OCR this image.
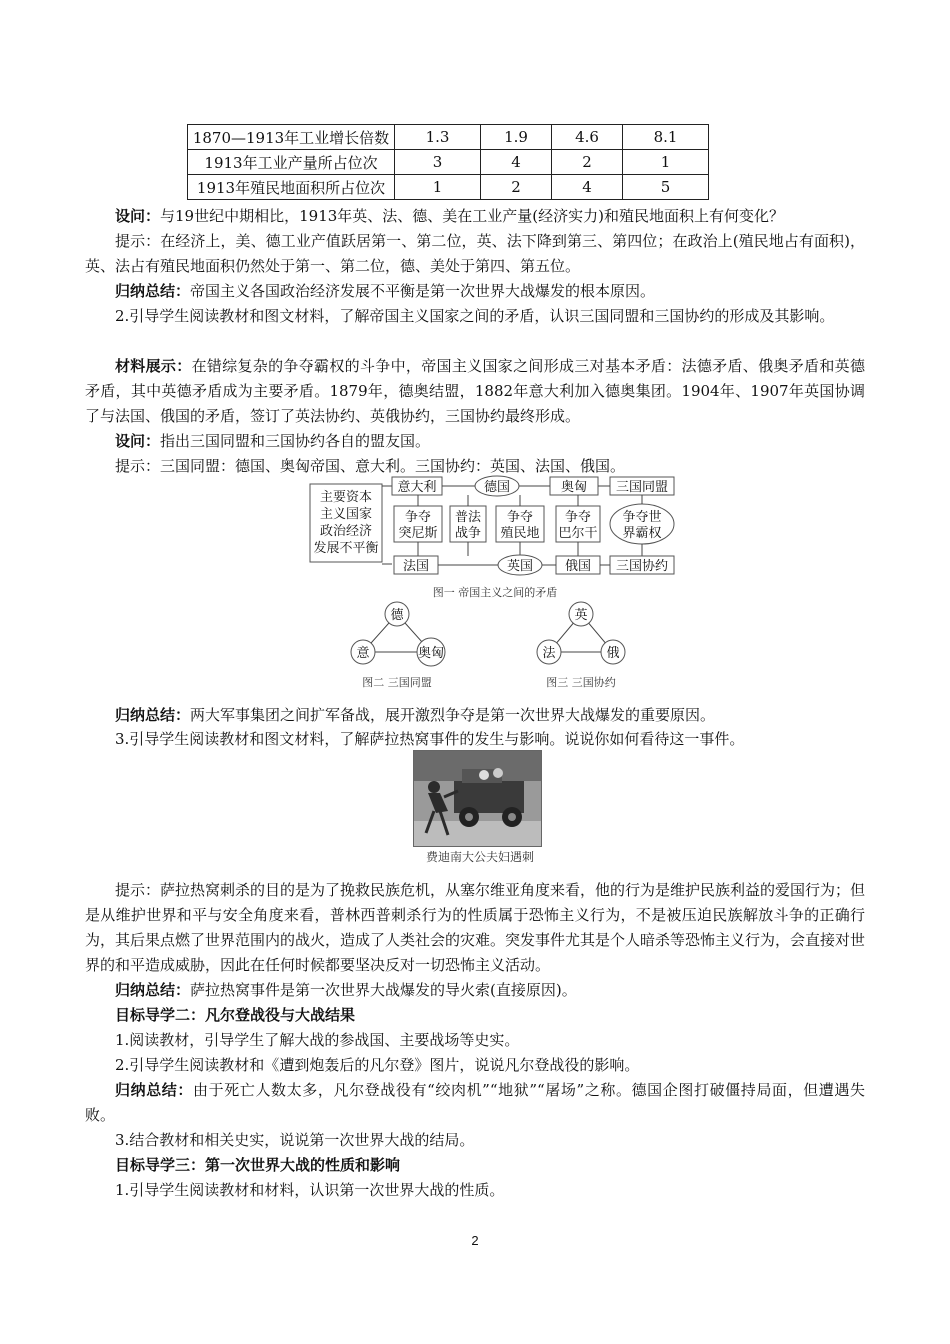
1870—1913年工业增长倍数	1.3	1.9	4.6	8.1
1913年工业产量所占位次	3	4	2	1
1913年殖民地面积所占位次	1	2	4	5

设问：与19世纪中期相比，1913年英、法、德、美在工业产量(经济实力)和殖民地面积上有何变化？

提示：在经济上，美、德工业产值跃居第一、第二位，英、法下降到第三、第四位；在政治上(殖民地占有面积)，英、法占有殖民地面积仍然处于第一、第二位，德、美处于第四、第五位。

归纳总结：帝国主义各国政治经济发展不平衡是第一次世界大战爆发的根本原因。

2.引导学生阅读教材和图文材料，了解帝国主义国家之间的矛盾，认识三国同盟和三国协约的形成及其影响。

材料展示：在错综复杂的争夺霸权的斗争中，帝国主义国家之间形成三对基本矛盾：法德矛盾、俄奥矛盾和英德矛盾，其中英德矛盾成为主要矛盾。1879年，德奥结盟，1882年意大利加入德奥集团。1904年、1907年英国协调了与法国、俄国的矛盾，签订了英法协约、英俄协约，三国协约最终形成。

设问：指出三国同盟和三国协约各自的盟友国。

提示：三国同盟：德国、奥匈帝国、意大利。三国协约：英国、法国、俄国。

主要资本
主义国家
政治经济
发展不平衡
意大利	德国	奥匈 三国同盟
争夺
突尼斯
普法
战争
争夺
殖民地
争夺
巴尔干
争夺世
界霸权
法国	英国 俄国 三国协约
图一 帝国主义之间的矛盾
德
意	奥匈
图二 三国同盟
英
法	俄
图三 三国协约

归纳总结：两大军事集团之间扩军备战，展开激烈争夺是第一次世界大战爆发的重要原因。

3.引导学生阅读教材和图文材料，了解萨拉热窝事件的发生与影响。说说你如何看待这一事件。

费迪南大公夫妇遇刺

提示：萨拉热窝刺杀的目的是为了挽救民族危机，从塞尔维亚角度来看，他的行为是维护民族利益的爱国行为；但是从维护世界和平与安全角度来看，普林西普刺杀行为的性质属于恐怖主义行为，不是被压迫民族解放斗争的正确行为，其后果点燃了世界范围内的战火，造成了人类社会的灾难。突发事件尤其是个人暗杀等恐怖主义行为，会直接对世界的和平造成威胁，因此在任何时候都要坚决反对一切恐怖主义活动。

归纳总结：萨拉热窝事件是第一次世界大战爆发的导火索(直接原因)。

目标导学二：凡尔登战役与大战结果

1.阅读教材，引导学生了解大战的参战国、主要战场等史实。

2.引导学生阅读教材和《遭到炮轰后的凡尔登》图片，说说凡尔登战役的影响。

归纳总结：由于死亡人数太多，凡尔登战役有“绞肉机”“地狱”“屠场”之称。德国企图打破僵持局面，但遭遇失败。

3.结合教材和相关史实，说说第一次世界大战的结局。

目标导学三：第一次世界大战的性质和影响

1.引导学生阅读教材和材料，认识第一次世界大战的性质。

2
